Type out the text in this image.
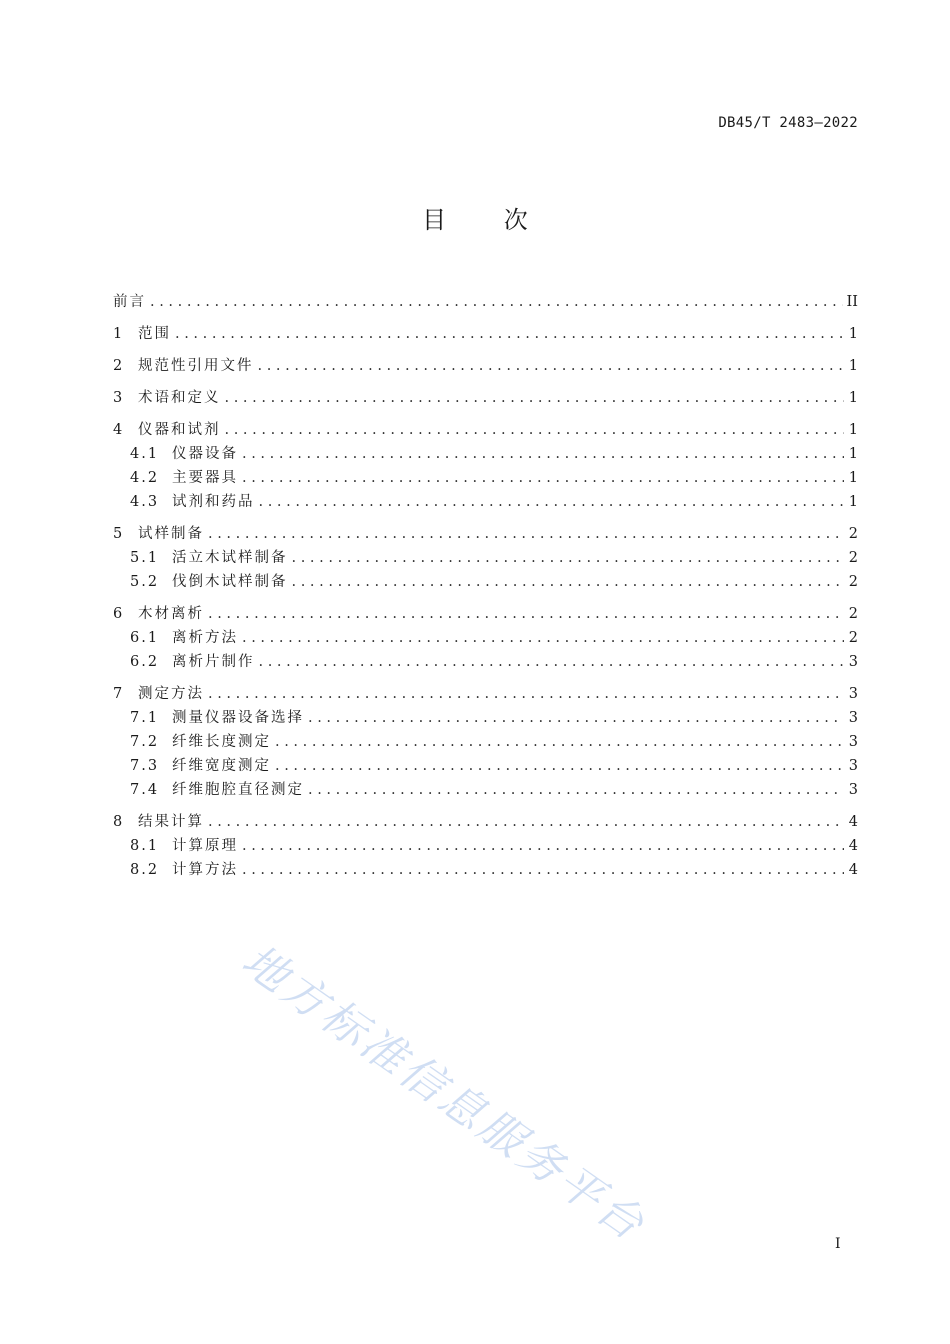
DB45/T 2483—2022
目 次
前言 . . .	II
1 范围 . . .	1
2 规范性引用文件 . . .	1
3 术语和定义 . . .	1
4 仪器和试剂 . . .	1
4.1 仪器设备 . . .	1
4.2 主要器具 . . .	1
4.3 试剂和药品 . . .	1
5 试样制备 . . .	2
5.1 活立木试样制备 . . .	2
5.2 伐倒木试样制备 . . .	2
6 木材离析 . . .	2
6.1 离析方法 . . .	2
6.2 离析片制作 . . .	3
7 测定方法 . . .	3
7.1 测量仪器设备选择 . . .	3
7.2 纤维长度测定 . . .	3
7.3 纤维宽度测定 . . .	3
7.4 纤维胞腔直径测定 . . .	3
8 结果计算 . . .	4
8.1 计算原理 . . .	4
8.2 计算方法 . . .	4
地方标准信息服务平台	I
